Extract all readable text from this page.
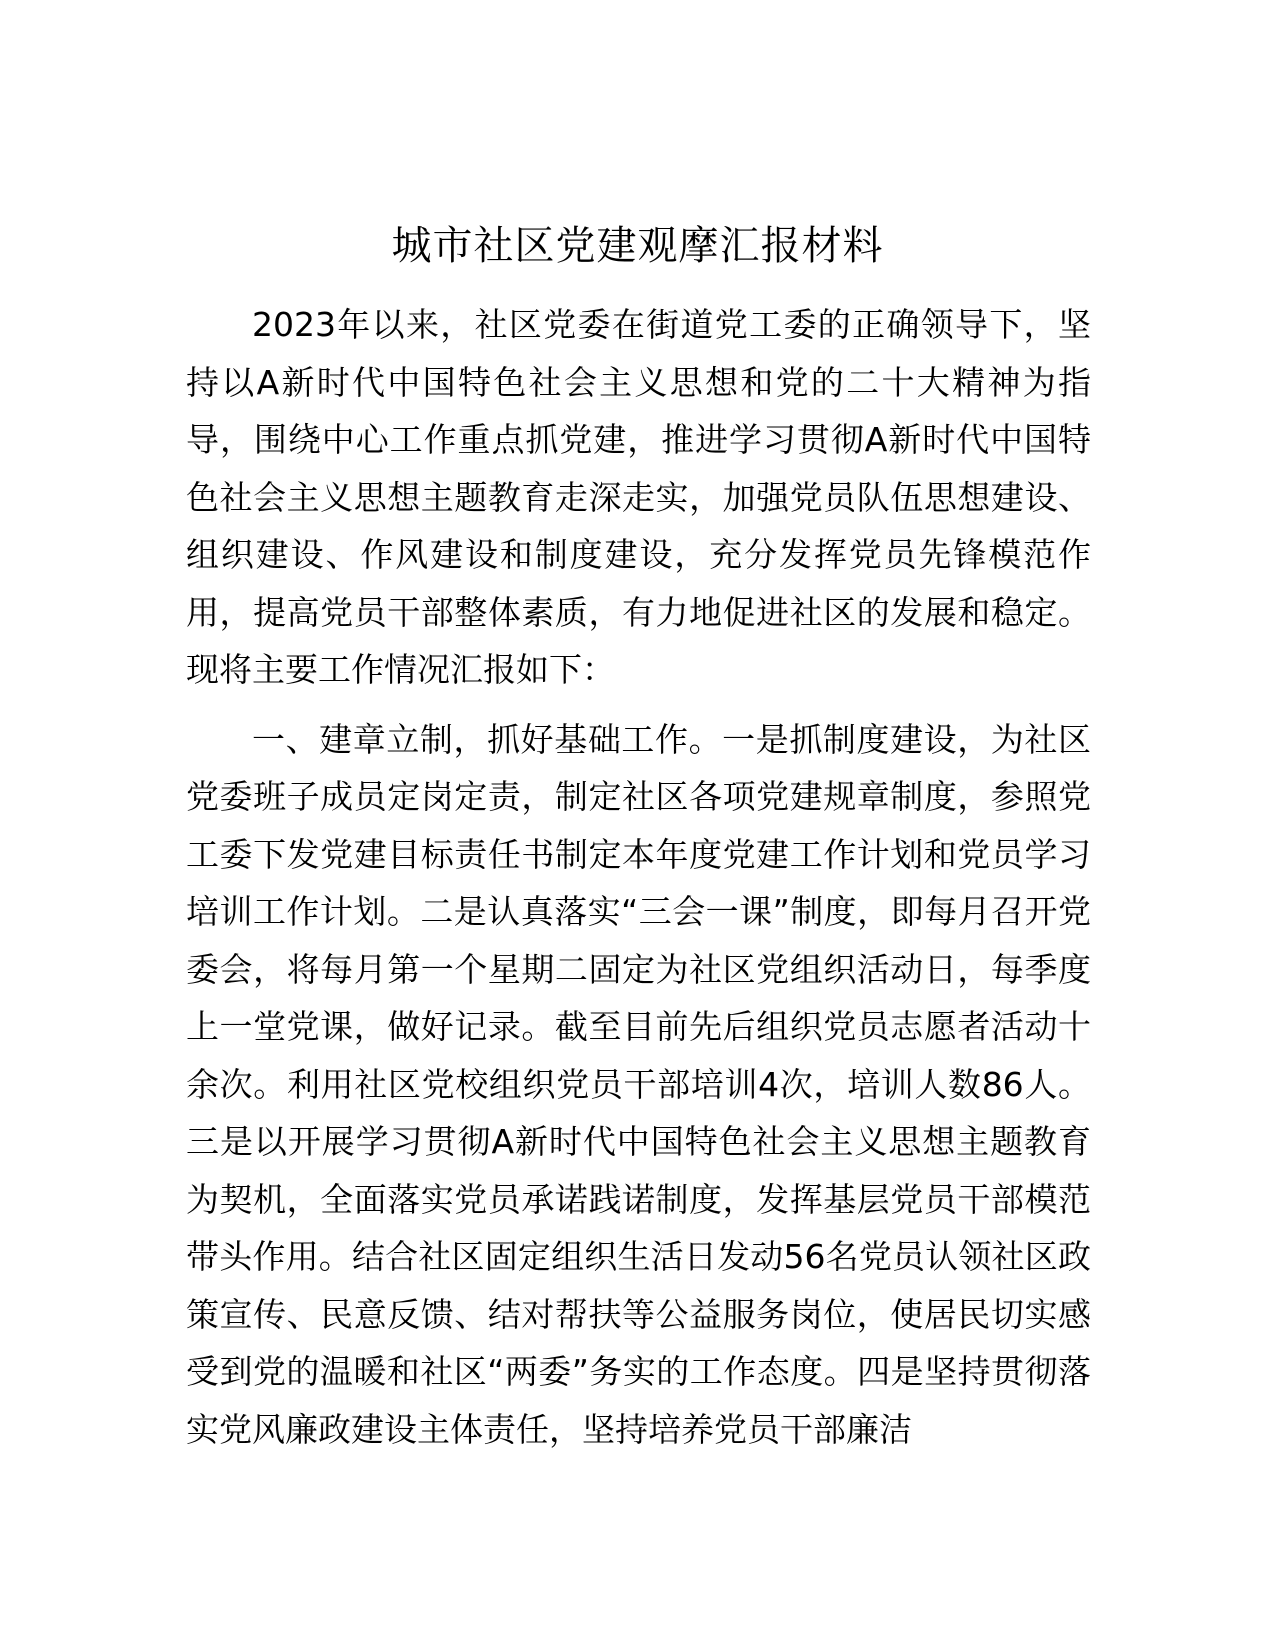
城市社区党建观摩汇报材料

2023年以来，社区党委在街道党工委的正确领导下，坚持以A新时代中国特色社会主义思想和党的二十大精神为指导，围绕中心工作重点抓党建，推进学习贯彻A新时代中国特色社会主义思想主题教育走深走实，加强党员队伍思想建设、组织建设、作风建设和制度建设，充分发挥党员先锋模范作用，提高党员干部整体素质，有力地促进社区的发展和稳定。现将主要工作情况汇报如下：

一、建章立制，抓好基础工作。一是抓制度建设，为社区党委班子成员定岗定责，制定社区各项党建规章制度，参照党工委下发党建目标责任书制定本年度党建工作计划和党员学习培训工作计划。二是认真落实“三会一课”制度，即每月召开党委会，将每月第一个星期二固定为社区党组织活动日，每季度上一堂党课，做好记录。截至目前先后组织党员志愿者活动十余次。利用社区党校组织党员干部培训4次，培训人数86人。三是以开展学习贯彻A新时代中国特色社会主义思想主题教育为契机，全面落实党员承诺践诺制度，发挥基层党员干部模范带头作用。结合社区固定组织生活日发动56名党员认领社区政策宣传、民意反馈、结对帮扶等公益服务岗位，使居民切实感受到党的温暖和社区“两委”务实的工作态度。四是坚持贯彻落实党风廉政建设主体责任，坚持培养党员干部廉洁
